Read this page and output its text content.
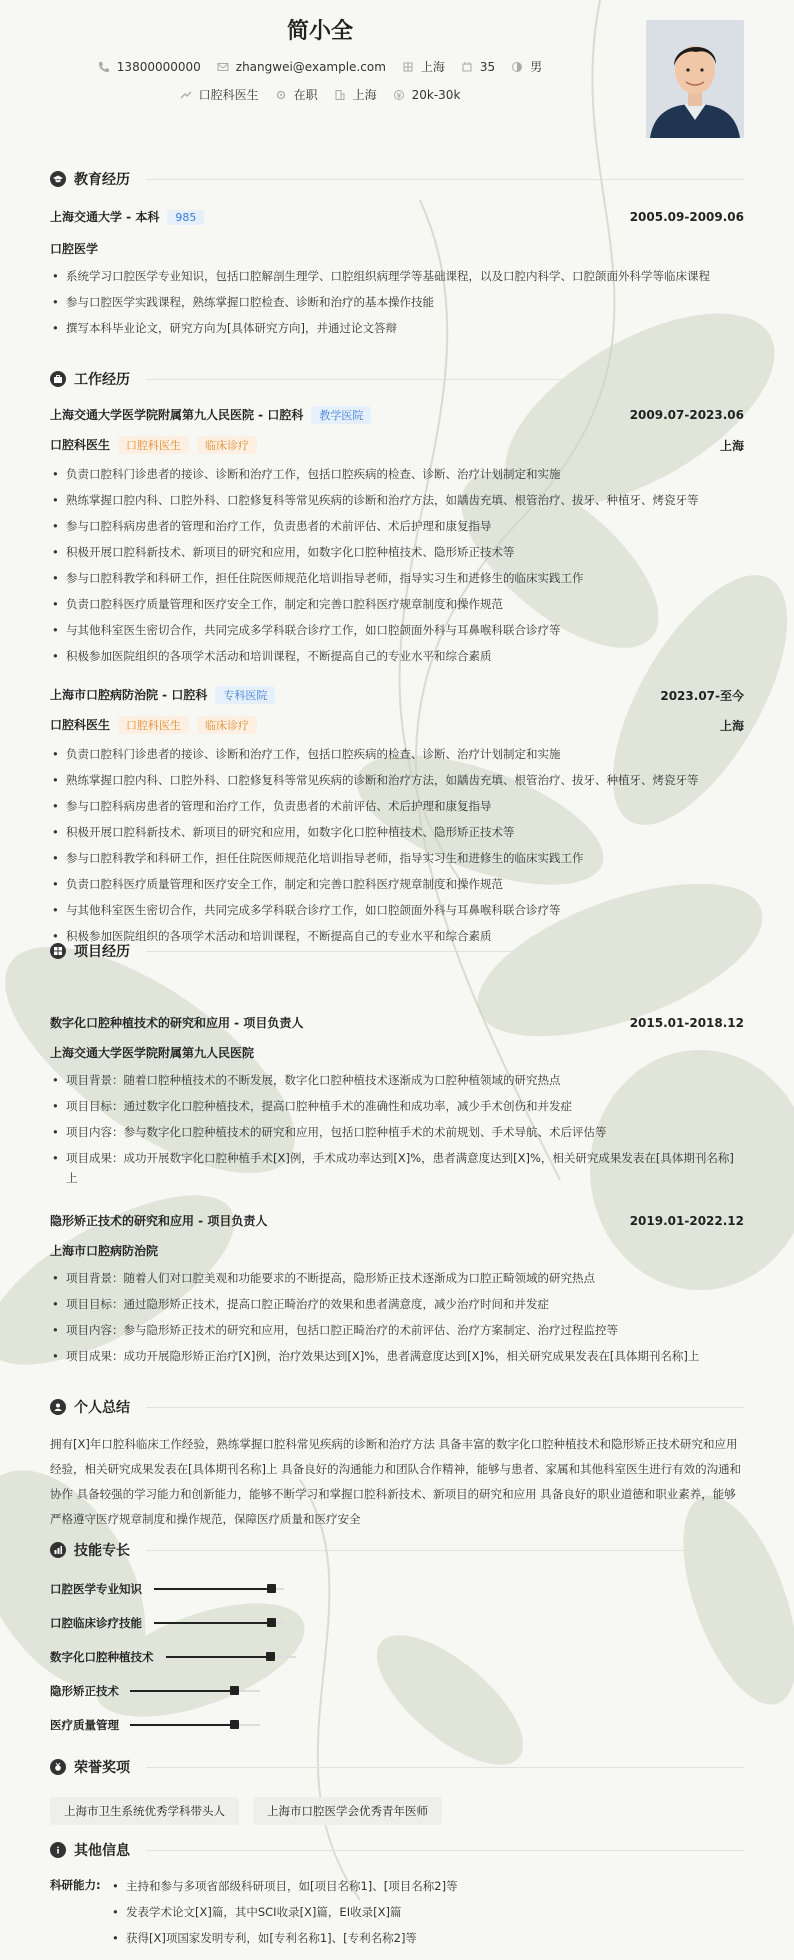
简小全
13800000000	zhangwei@example.com	上海	35	男
口腔科医生	在职	上海	20k-30k
教育经历
上海交通大学 - 本科 985	2005.09-2009.06
口腔医学
• 系统学习口腔医学专业知识，包括口腔解剖生理学、口腔组织病理学等基础课程，以及口腔内科学、口腔颌面外科学等临床课程
• 参与口腔医学实践课程，熟练掌握口腔检查、诊断和治疗的基本操作技能
• 撰写本科毕业论文，研究方向为[具体研究方向]，并通过论文答辩
工作经历
上海交通大学医学院附属第九人民医院 - 口腔科 教学医院	2009.07-2023.06
口腔科医生 口腔科医生 临床诊疗	上海
• 负责口腔科门诊患者的接诊、诊断和治疗工作，包括口腔疾病的检查、诊断、治疗计划制定和实施
• 熟练掌握口腔内科、口腔外科、口腔修复科等常见疾病的诊断和治疗方法，如龋齿充填、根管治疗、拔牙、种植牙、烤瓷牙等
• 参与口腔科病房患者的管理和治疗工作，负责患者的术前评估、术后护理和康复指导
• 积极开展口腔科新技术、新项目的研究和应用，如数字化口腔种植技术、隐形矫正技术等
• 参与口腔科教学和科研工作，担任住院医师规范化培训指导老师，指导实习生和进修生的临床实践工作
• 负责口腔科医疗质量管理和医疗安全工作，制定和完善口腔科医疗规章制度和操作规范
• 与其他科室医生密切合作，共同完成多学科联合诊疗工作，如口腔颌面外科与耳鼻喉科联合诊疗等
• 积极参加医院组织的各项学术活动和培训课程，不断提高自己的专业水平和综合素质
上海市口腔病防治院 - 口腔科 专科医院	2023.07-至今
口腔科医生 口腔科医生 临床诊疗	上海
• 负责口腔科门诊患者的接诊、诊断和治疗工作，包括口腔疾病的检查、诊断、治疗计划制定和实施
• 熟练掌握口腔内科、口腔外科、口腔修复科等常见疾病的诊断和治疗方法，如龋齿充填、根管治疗、拔牙、种植牙、烤瓷牙等
• 参与口腔科病房患者的管理和治疗工作，负责患者的术前评估、术后护理和康复指导
• 积极开展口腔科新技术、新项目的研究和应用，如数字化口腔种植技术、隐形矫正技术等
• 参与口腔科教学和科研工作，担任住院医师规范化培训指导老师，指导实习生和进修生的临床实践工作
• 负责口腔科医疗质量管理和医疗安全工作，制定和完善口腔科医疗规章制度和操作规范
• 与其他科室医生密切合作，共同完成多学科联合诊疗工作，如口腔颌面外科与耳鼻喉科联合诊疗等
• 积极参加医院组织的各项学术活动和培训课程，不断提高自己的专业水平和综合素质
项目经历
数字化口腔种植技术的研究和应用 - 项目负责人	2015.01-2018.12
上海交通大学医学院附属第九人民医院
• 项目背景：随着口腔种植技术的不断发展，数字化口腔种植技术逐渐成为口腔种植领域的研究热点
• 项目目标：通过数字化口腔种植技术，提高口腔种植手术的准确性和成功率，减少手术创伤和并发症
• 项目内容：参与数字化口腔种植技术的研究和应用，包括口腔种植手术的术前规划、手术导航、术后评估等
• 项目成果：成功开展数字化口腔种植手术[X]例，手术成功率达到[X]%，患者满意度达到[X]%，相关研究成果发表在[具体期刊名称]上
隐形矫正技术的研究和应用 - 项目负责人	2019.01-2022.12
上海市口腔病防治院
• 项目背景：随着人们对口腔美观和功能要求的不断提高，隐形矫正技术逐渐成为口腔正畸领域的研究热点
• 项目目标：通过隐形矫正技术，提高口腔正畸治疗的效果和患者满意度，减少治疗时间和并发症
• 项目内容：参与隐形矫正技术的研究和应用，包括口腔正畸治疗的术前评估、治疗方案制定、治疗过程监控等
• 项目成果：成功开展隐形矫正治疗[X]例，治疗效果达到[X]%，患者满意度达到[X]%，相关研究成果发表在[具体期刊名称]上
个人总结
拥有[X]年口腔科临床工作经验，熟练掌握口腔科常见疾病的诊断和治疗方法 具备丰富的数字化口腔种植技术和隐形矫正技术研究和应用经验，相关研究成果发表在[具体期刊名称]上 具备良好的沟通能力和团队合作精神，能够与患者、家属和其他科室医生进行有效的沟通和协作 具备较强的学习能力和创新能力，能够不断学习和掌握口腔科新技术、新项目的研究和应用 具备良好的职业道德和职业素养，能够严格遵守医疗规章制度和操作规范，保障医疗质量和医疗安全
技能专长
口腔医学专业知识
口腔临床诊疗技能
数字化口腔种植技术
隐形矫正技术
医疗质量管理
荣誉奖项
上海市卫生系统优秀学科带头人	上海市口腔医学会优秀青年医师
其他信息
科研能力:
•	主持和参与多项省部级科研项目，如[项目名称1]、[项目名称2]等
• 发表学术论文[X]篇，其中SCI收录[X]篇，EI收录[X]篇
• 获得[X]项国家发明专利，如[专利名称1]、[专利名称2]等
